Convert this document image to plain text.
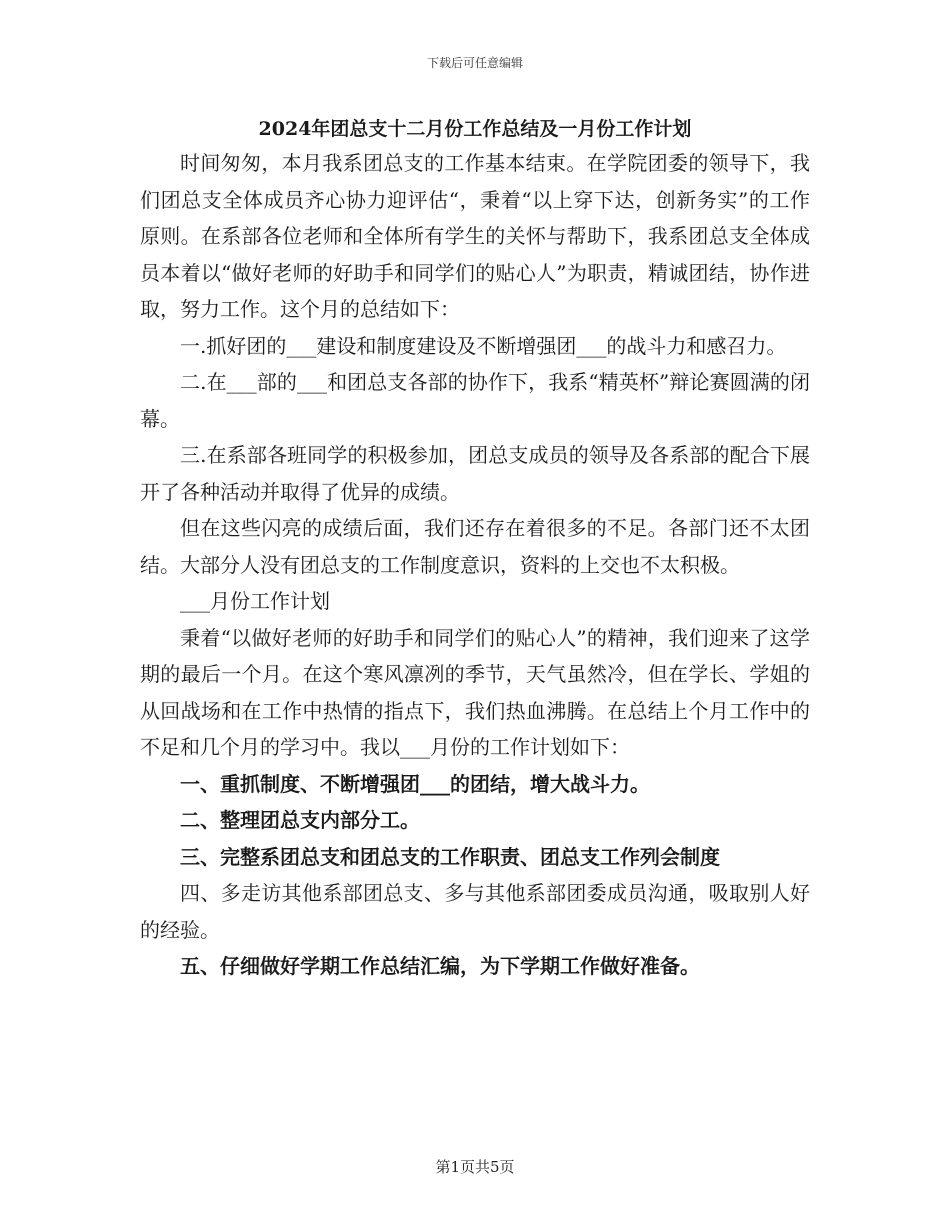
下载后可任意编辑
2024年团总支十二月份工作总结及一月份工作计划

时间匆匆，本月我系团总支的工作基本结束。在学院团委的领导下，我们团总支全体成员齐心协力迎评估“，秉着“以上穿下达，创新务实”的工作原则。在系部各位老师和全体所有学生的关怀与帮助下，我系团总支全体成员本着以“做好老师的好助手和同学们的贴心人”为职责，精诚团结，协作进取，努力工作。这个月的总结如下：

一.抓好团的___建设和制度建设及不断增强团___的战斗力和感召力。

二.在___部的___和团总支各部的协作下，我系“精英杯”辩论赛圆满的闭幕。

三.在系部各班同学的积极参加，团总支成员的领导及各系部的配合下展开了各种活动并取得了优异的成绩。

但在这些闪亮的成绩后面，我们还存在着很多的不足。各部门还不太团结。大部分人没有团总支的工作制度意识，资料的上交也不太积极。

___月份工作计划

秉着“以做好老师的好助手和同学们的贴心人”的精神，我们迎来了这学期的最后一个月。在这个寒风凛冽的季节，天气虽然冷，但在学长、学姐的从回战场和在工作中热情的指点下，我们热血沸腾。在总结上个月工作中的不足和几个月的学习中。我以___月份的工作计划如下：

一、重抓制度、不断增强团___的团结，增大战斗力。

二、整理团总支内部分工。

三、完整系团总支和团总支的工作职责、团总支工作列会制度

四、多走访其他系部团总支、多与其他系部团委成员沟通，吸取别人好的经验。

五、仔细做好学期工作总结汇编，为下学期工作做好准备。

第1页共5页
